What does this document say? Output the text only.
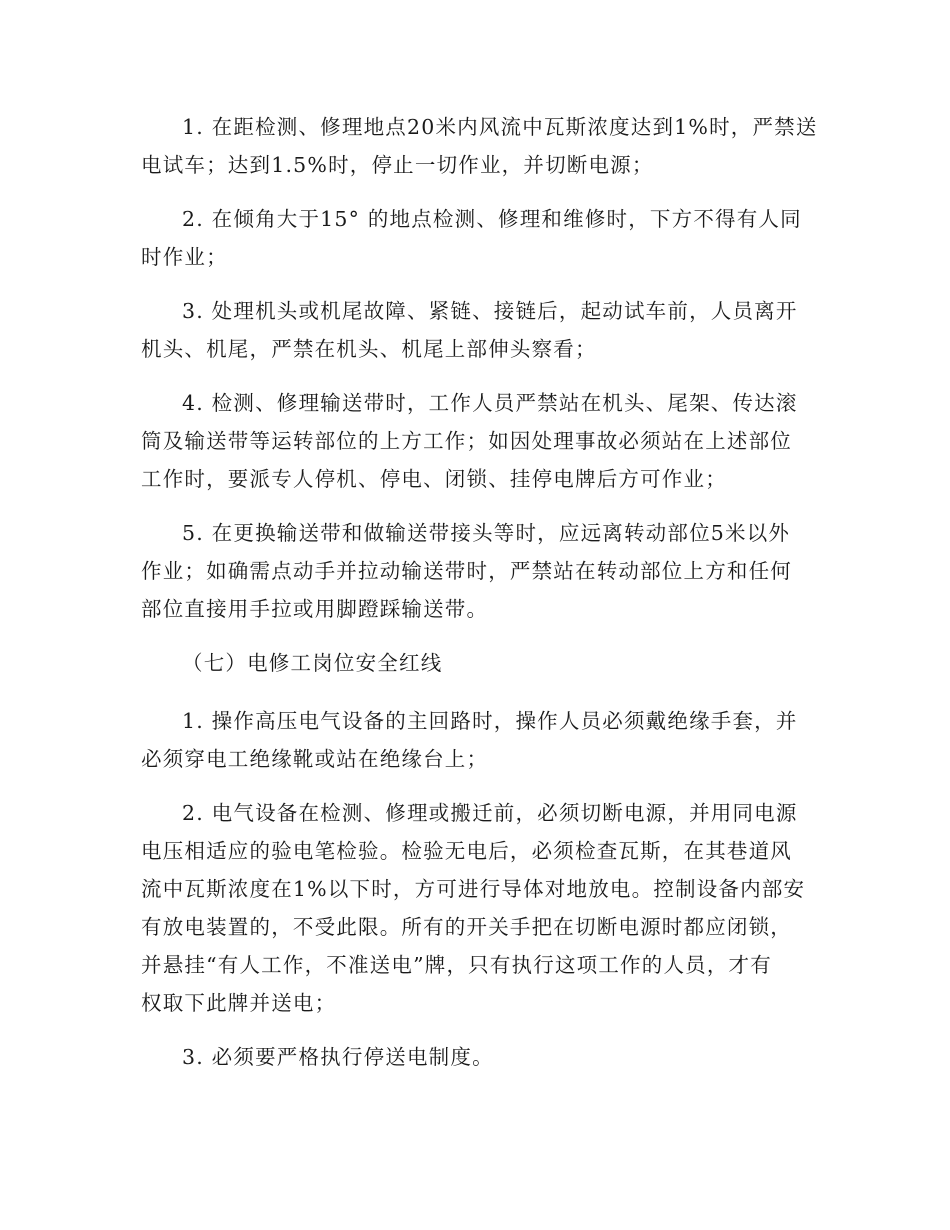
1. 在距检测、修理地点20米内风流中瓦斯浓度达到1%时，严禁送
电试车；达到1.5%时，停止一切作业，并切断电源；

2. 在倾角大于15° 的地点检测、修理和维修时，下方不得有人同
时作业；

3. 处理机头或机尾故障、紧链、接链后，起动试车前，人员离开
机头、机尾，严禁在机头、机尾上部伸头察看；

4. 检测、修理输送带时，工作人员严禁站在机头、尾架、传达滚
筒及输送带等运转部位的上方工作；如因处理事故必须站在上述部位
工作时，要派专人停机、停电、闭锁、挂停电牌后方可作业；

5. 在更换输送带和做输送带接头等时，应远离转动部位5米以外
作业；如确需点动手并拉动输送带时，严禁站在转动部位上方和任何
部位直接用手拉或用脚蹬踩输送带。

（七）电修工岗位安全红线

1. 操作高压电气设备的主回路时，操作人员必须戴绝缘手套，并
必须穿电工绝缘靴或站在绝缘台上；

2. 电气设备在检测、修理或搬迁前，必须切断电源，并用同电源
电压相适应的验电笔检验。检验无电后，必须检查瓦斯，在其巷道风
流中瓦斯浓度在1%以下时，方可进行导体对地放电。控制设备内部安
有放电装置的，不受此限。所有的开关手把在切断电源时都应闭锁，
并悬挂“有人工作，不准送电”牌，只有执行这项工作的人员，才有
权取下此牌并送电；

3. 必须要严格执行停送电制度。
